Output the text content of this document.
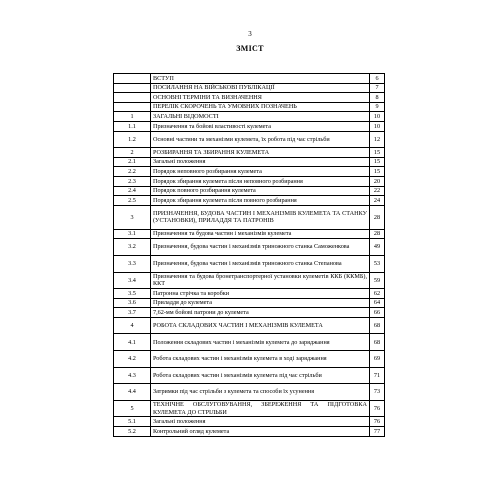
3
ЗМІСТ
	ВСТУП	6
	ПОСИЛАННЯ НА ВІЙСЬКОВІ ПУБЛІКАЦІЇ	7
	ОСНОВНІ ТЕРМІНИ ТА ВИЗНАЧЕННЯ	8
	ПЕРЕЛІК СКОРОЧЕНЬ ТА УМОВНИХ ПОЗНАЧЕНЬ	9
1	ЗАГАЛЬНІ ВІДОМОСТІ	10
1.1	Призначення та бойові властивості кулемета	10
1.2	Основні частини та механізми кулемета, їх робота під час стрільби	12
2	РОЗБИРАННЯ ТА ЗБИРАННЯ КУЛЕМЕТА	15
2.1	Загальні положення	15
2.2	Порядок неповного розбирання кулемета	15
2.3	Порядок збирання кулемета після неповного розбирання	20
2.4	Порядок повного розбирання кулемета	22
2.5	Порядок збирання кулемета після повного розбирання	24
3	ПРИЗНАЧЕННЯ, БУДОВА ЧАСТИН І МЕХАНІЗМІВ КУЛЕМЕТА ТА СТАНКУ (УСТАНОВКИ), ПРИЛАДДЯ ТА ПАТРОНІВ	28
3.1	Призначення та будова частин і механізмів кулемета	28
3.2	Призначення, будова частин і механізмів триножного станка Саможенкова	49
3.3	Призначення, будова частин і механізмів триножного станка Степанова	53
3.4	Призначення та будова бронетранспортерної установки кулеметів ККБ (ККМБ), ККТ	59
3.5	Патронна стрічка та коробки	62
3.6	Приладдя до кулемета	64
3.7	7,62-мм бойові патрони до кулемета	66
4	РОБОТА СКЛАДОВИХ ЧАСТИН І МЕХАНІЗМІВ КУЛЕМЕТА	68
4.1	Положення складових частин і механізмів кулемета до заряджання	68
4.2	Робота складових частин і механізмів кулемета в ході заряджання	69
4.3	Робота складових частин і механізмів кулемета під час стрільби	71
4.4	Затримки під час стрільби з кулемета та способи їх усунення	73
5	ТЕХНІЧНЕ ОБСЛУГОВУВАННЯ, ЗБЕРЕЖЕННЯ ТА ПІДГОТОВКА КУЛЕМЕТА ДО СТРІЛЬБИ	76
5.1	Загальні положення	76
5.2	Контрольний огляд кулемета	77
